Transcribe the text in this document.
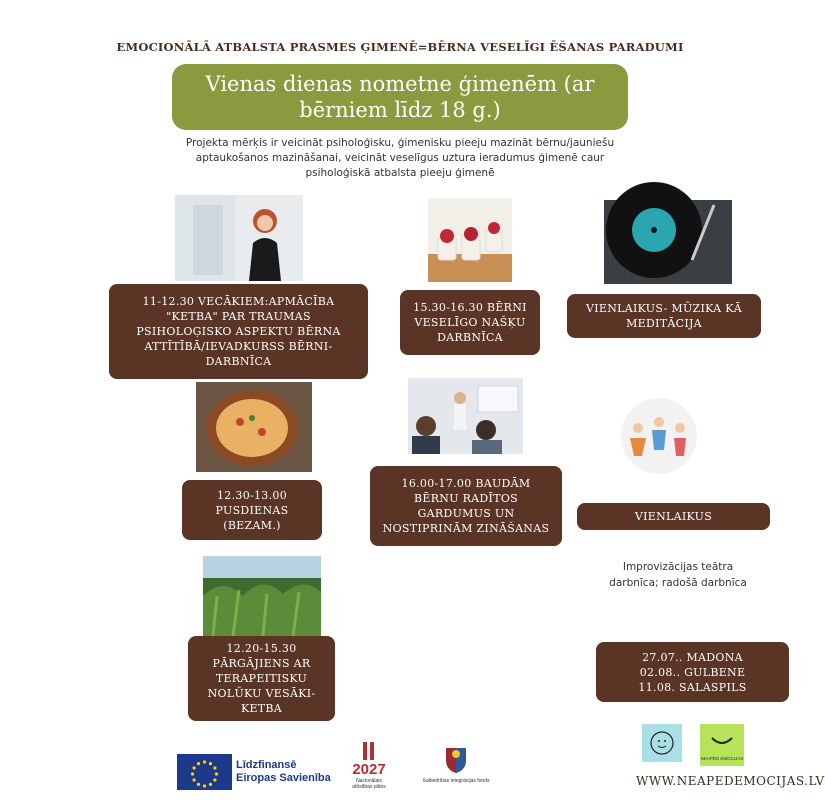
EMOCIONĀLĀ ATBALSTA PRASMES ĢIMENĒ=BĒRNA VESELĪGI ĒŠANAS PARADUMI
Vienas dienas nometne ģimenēm (ar bērniem līdz 18 g.)
Projekta mērķis ir veicināt psiholoģisku, ģimenisku pieeju mazināt bērnu/jauniešu aptaukošanos mazināšanai, veicināt veselīgus uztura ieradumus ģimenē caur psiholoģiskā atbalsta pieeju ģimenē
11-12.30 VECĀKIEM:APMĀCĪBA "KETBA" PAR TRAUMAS PSIHOLOĢISKO ASPEKTU BĒRNA ATTĪTĪBĀ/IEVADKURSS BĒRNI- DARBNĪCA
15.30-16.30 BĒRNI VESELĪGO NAŠĶU DARBNĪCA
VIENLAIKUS- MŪZIKA KĀ MEDITĀCIJA
12.30-13.00 PUSDIENAS (BEZAM.)
16.00-17.00 BAUDĀM BĒRNU RADĪTOS GARDUMUS UN NOSTIPRINĀM ZINĀŠANAS
VIENLAIKUS
Improvizācijas teātra darbnīca; radošā darbnīca
12.20-15.30 PĀRGĀJIENS AR TERAPEITISKU NOLŪKU VESĀKI-KETBA
27.07.. MADONA
02.08.. GULBENE
11.08. SALASPILS
Līdzfinansē
Eiropas Savienība	2027
Nacionālais attīstības plāns
Sabiedrības integrācijas fonds
NEAPĒD EMOCIJAS
WWW.NEAPEDEMOCIJAS.LV
